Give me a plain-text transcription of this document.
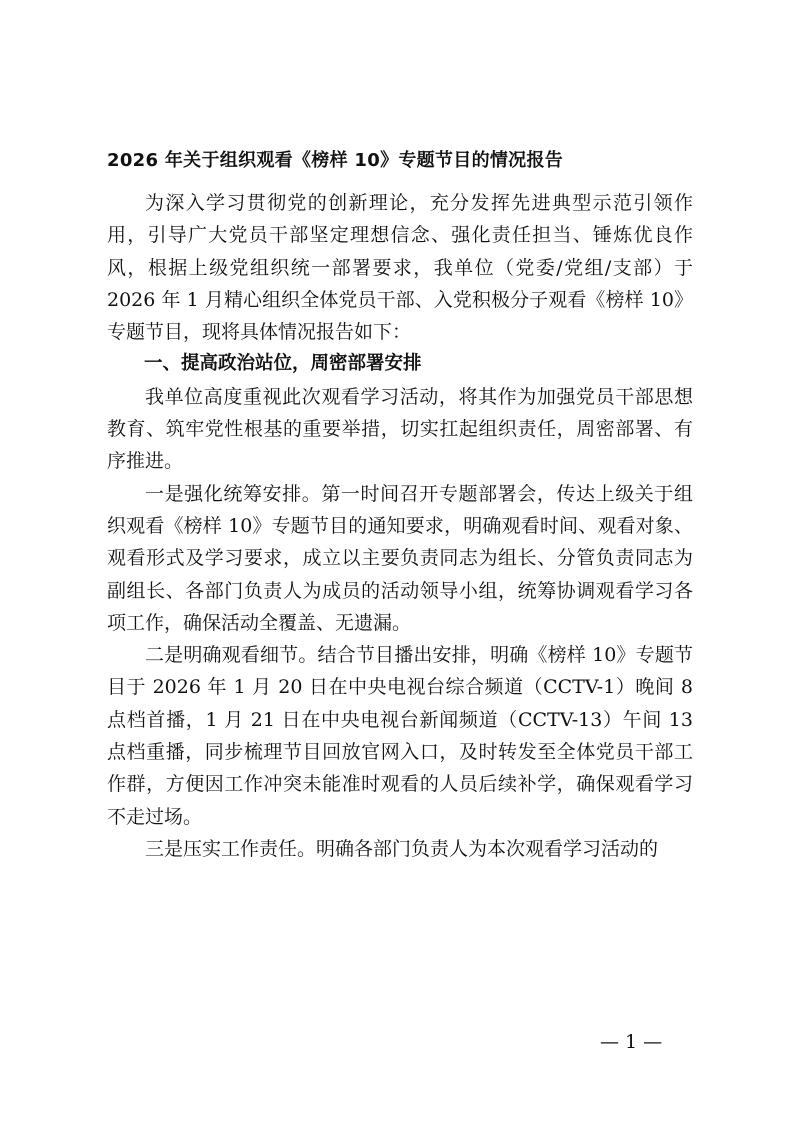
2026 年关于组织观看《榜样 10》专题节目的情况报告

为深入学习贯彻党的创新理论，充分发挥先进典型示范引领作用，引导广大党员干部坚定理想信念、强化责任担当、锤炼优良作风，根据上级党组织统一部署要求，我单位（党委/党组/支部）于 2026 年 1 月精心组织全体党员干部、入党积极分子观看《榜样 10》专题节目，现将具体情况报告如下：

一、提高政治站位，周密部署安排

我单位高度重视此次观看学习活动，将其作为加强党员干部思想教育、筑牢党性根基的重要举措，切实扛起组织责任，周密部署、有序推进。

一是强化统筹安排。第一时间召开专题部署会，传达上级关于组织观看《榜样 10》专题节目的通知要求，明确观看时间、观看对象、观看形式及学习要求，成立以主要负责同志为组长、分管负责同志为副组长、各部门负责人为成员的活动领导小组，统筹协调观看学习各项工作，确保活动全覆盖、无遗漏。

二是明确观看细节。结合节目播出安排，明确《榜样 10》专题节目于 2026 年 1 月 20 日在中央电视台综合频道（CCTV-1）晚间 8 点档首播，1 月 21 日在中央电视台新闻频道（CCTV-13）午间 13 点档重播，同步梳理节目回放官网入口，及时转发至全体党员干部工作群，方便因工作冲突未能准时观看的人员后续补学，确保观看学习不走过场。

三是压实工作责任。明确各部门负责人为本次观看学习活动的

— 1 —
